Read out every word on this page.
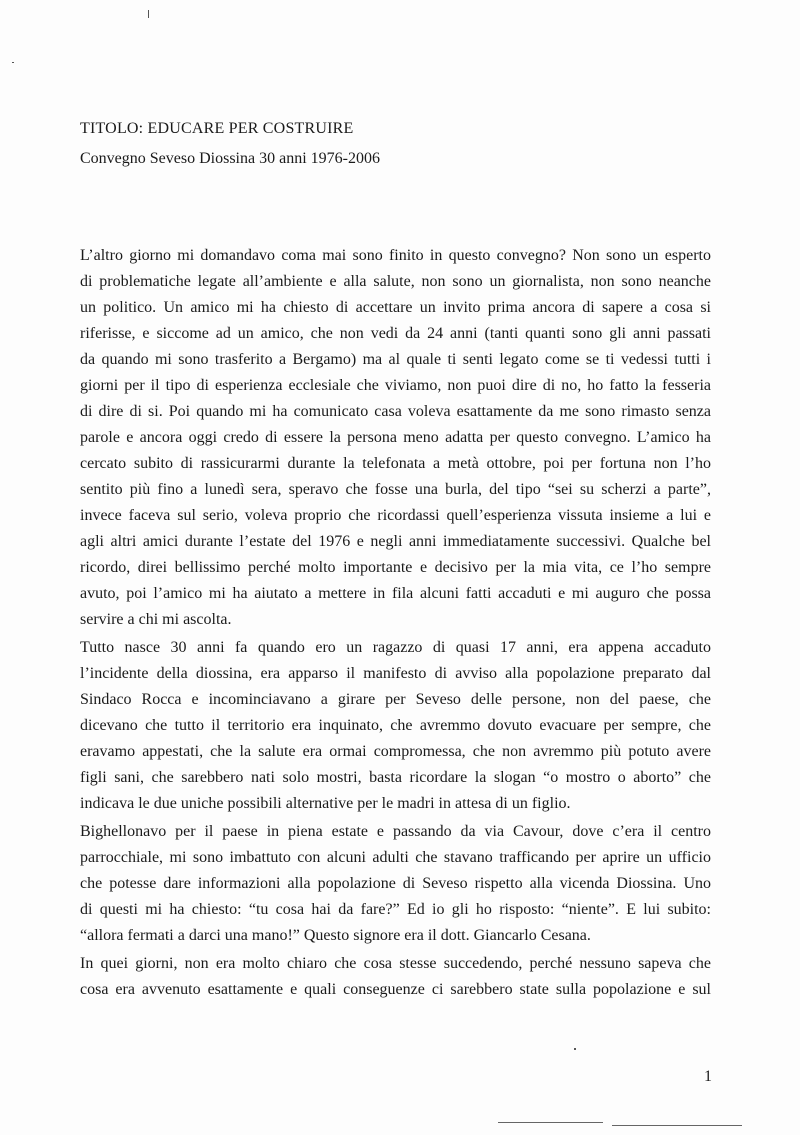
TITOLO: EDUCARE PER COSTRUIRE
Convegno Seveso Diossina 30 anni 1976-2006
L’altro giorno mi domandavo coma mai sono finito in questo convegno? Non sono un esperto
di problematiche legate all’ambiente e alla salute, non sono un giornalista, non sono neanche
un politico. Un amico mi ha chiesto di accettare un invito prima ancora di sapere a cosa si
riferisse, e siccome ad un amico, che non vedi da 24 anni (tanti quanti sono gli anni passati
da quando mi sono trasferito a Bergamo) ma al quale ti senti legato come se ti vedessi tutti i
giorni per il tipo di esperienza ecclesiale che viviamo, non puoi dire di no, ho fatto la fesseria
di dire di si. Poi quando mi ha comunicato casa voleva esattamente da me sono rimasto senza
parole e ancora oggi credo di essere la persona meno adatta per questo convegno. L’amico ha
cercato subito di rassicurarmi durante la telefonata a metà ottobre, poi per fortuna non l’ho
sentito più fino a lunedì sera, speravo che fosse una burla, del tipo “sei su scherzi a parte”,
invece faceva sul serio, voleva proprio che ricordassi quell’esperienza vissuta insieme a lui e
agli altri amici durante l’estate del 1976 e negli anni immediatamente successivi. Qualche bel
ricordo, direi bellissimo perché molto importante e decisivo per la mia vita, ce l’ho sempre
avuto, poi l’amico mi ha aiutato a mettere in fila alcuni fatti accaduti e mi auguro che possa
servire a chi mi ascolta.
Tutto nasce 30 anni fa quando ero un ragazzo di quasi 17 anni, era appena accaduto
l’incidente della diossina, era apparso il manifesto di avviso alla popolazione preparato dal
Sindaco Rocca e incominciavano a girare per Seveso delle persone, non del paese, che
dicevano che tutto il territorio era inquinato, che avremmo dovuto evacuare per sempre, che
eravamo appestati, che la salute era ormai compromessa, che non avremmo più potuto avere
figli sani, che sarebbero nati solo mostri, basta ricordare la slogan “o mostro o aborto” che
indicava le due uniche possibili alternative per le madri in attesa di un figlio.
Bighellonavo per il paese in piena estate e passando da via Cavour, dove c’era il centro
parrocchiale, mi sono imbattuto con alcuni adulti che stavano trafficando per aprire un ufficio
che potesse dare informazioni alla popolazione di Seveso rispetto alla vicenda Diossina. Uno
di questi mi ha chiesto: “tu cosa hai da fare?” Ed io gli ho risposto: “niente”. E lui subito:
“allora fermati a darci una mano!” Questo signore era il dott. Giancarlo Cesana.
In quei giorni, non era molto chiaro che cosa stesse succedendo, perché nessuno sapeva che
cosa era avvenuto esattamente e quali conseguenze ci sarebbero state sulla popolazione e sul
1
